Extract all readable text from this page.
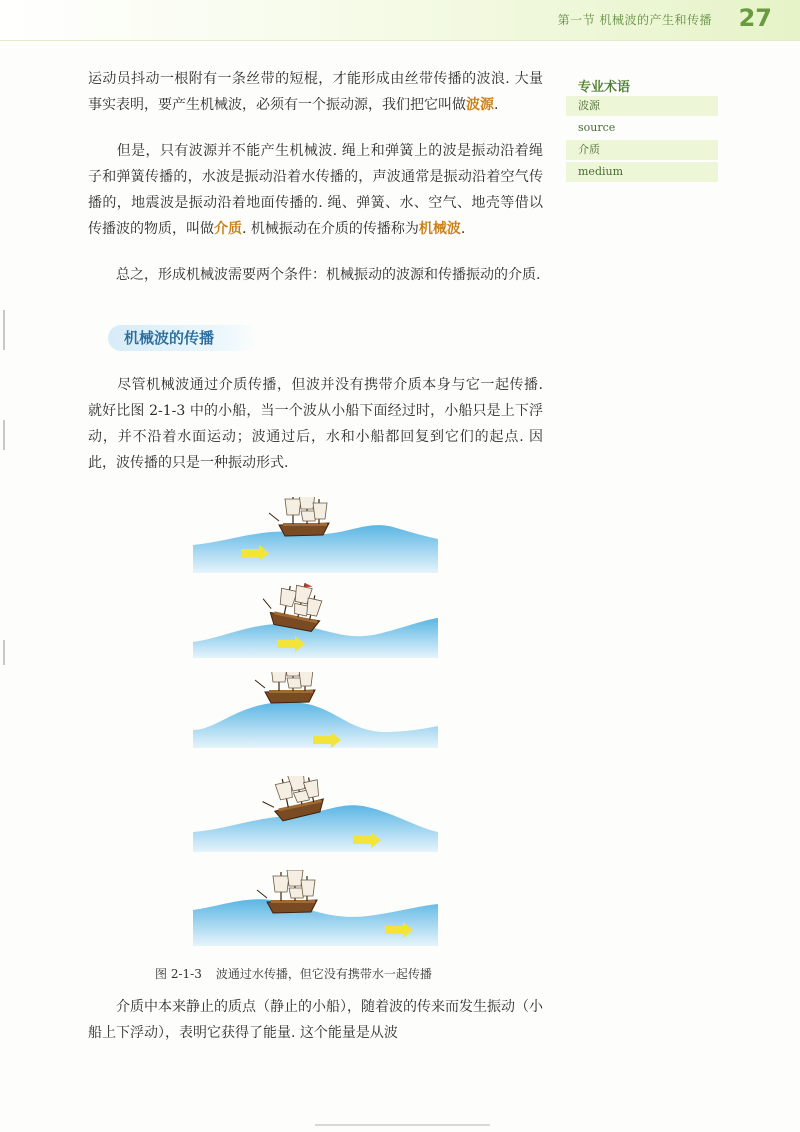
第一节 机械波的产生和传播 27

运动员抖动一根附有一条丝带的短棍，才能形成由丝带传播的波浪. 大量事实表明，要产生机械波，必须有一个振动源，我们把它叫做波源.

　　但是，只有波源并不能产生机械波. 绳上和弹簧上的波是振动沿着绳子和弹簧传播的，水波是振动沿着水传播的，声波通常是振动沿着空气传播的，地震波是振动沿着地面传播的. 绳、弹簧、水、空气、地壳等借以传播波的物质，叫做介质. 机械振动在介质的传播称为机械波.

　　总之，形成机械波需要两个条件：机械振动的波源和传播振动的介质.

专业术语
波源
source
介质
medium
机械波的传播

　　尽管机械波通过介质传播，但波并没有携带介质本身与它一起传播. 就好比图 2-1-3 中的小船，当一个波从小船下面经过时，小船只是上下浮动，并不沿着水面运动；波通过后，水和小船都回复到它们的起点. 因此，波传播的只是一种振动形式.

图 2-1-3 波通过水传播，但它没有携带水一起传播

　　介质中本来静止的质点（静止的小船），随着波的传来而发生振动（小船上下浮动），表明它获得了能量. 这个能量是从波
